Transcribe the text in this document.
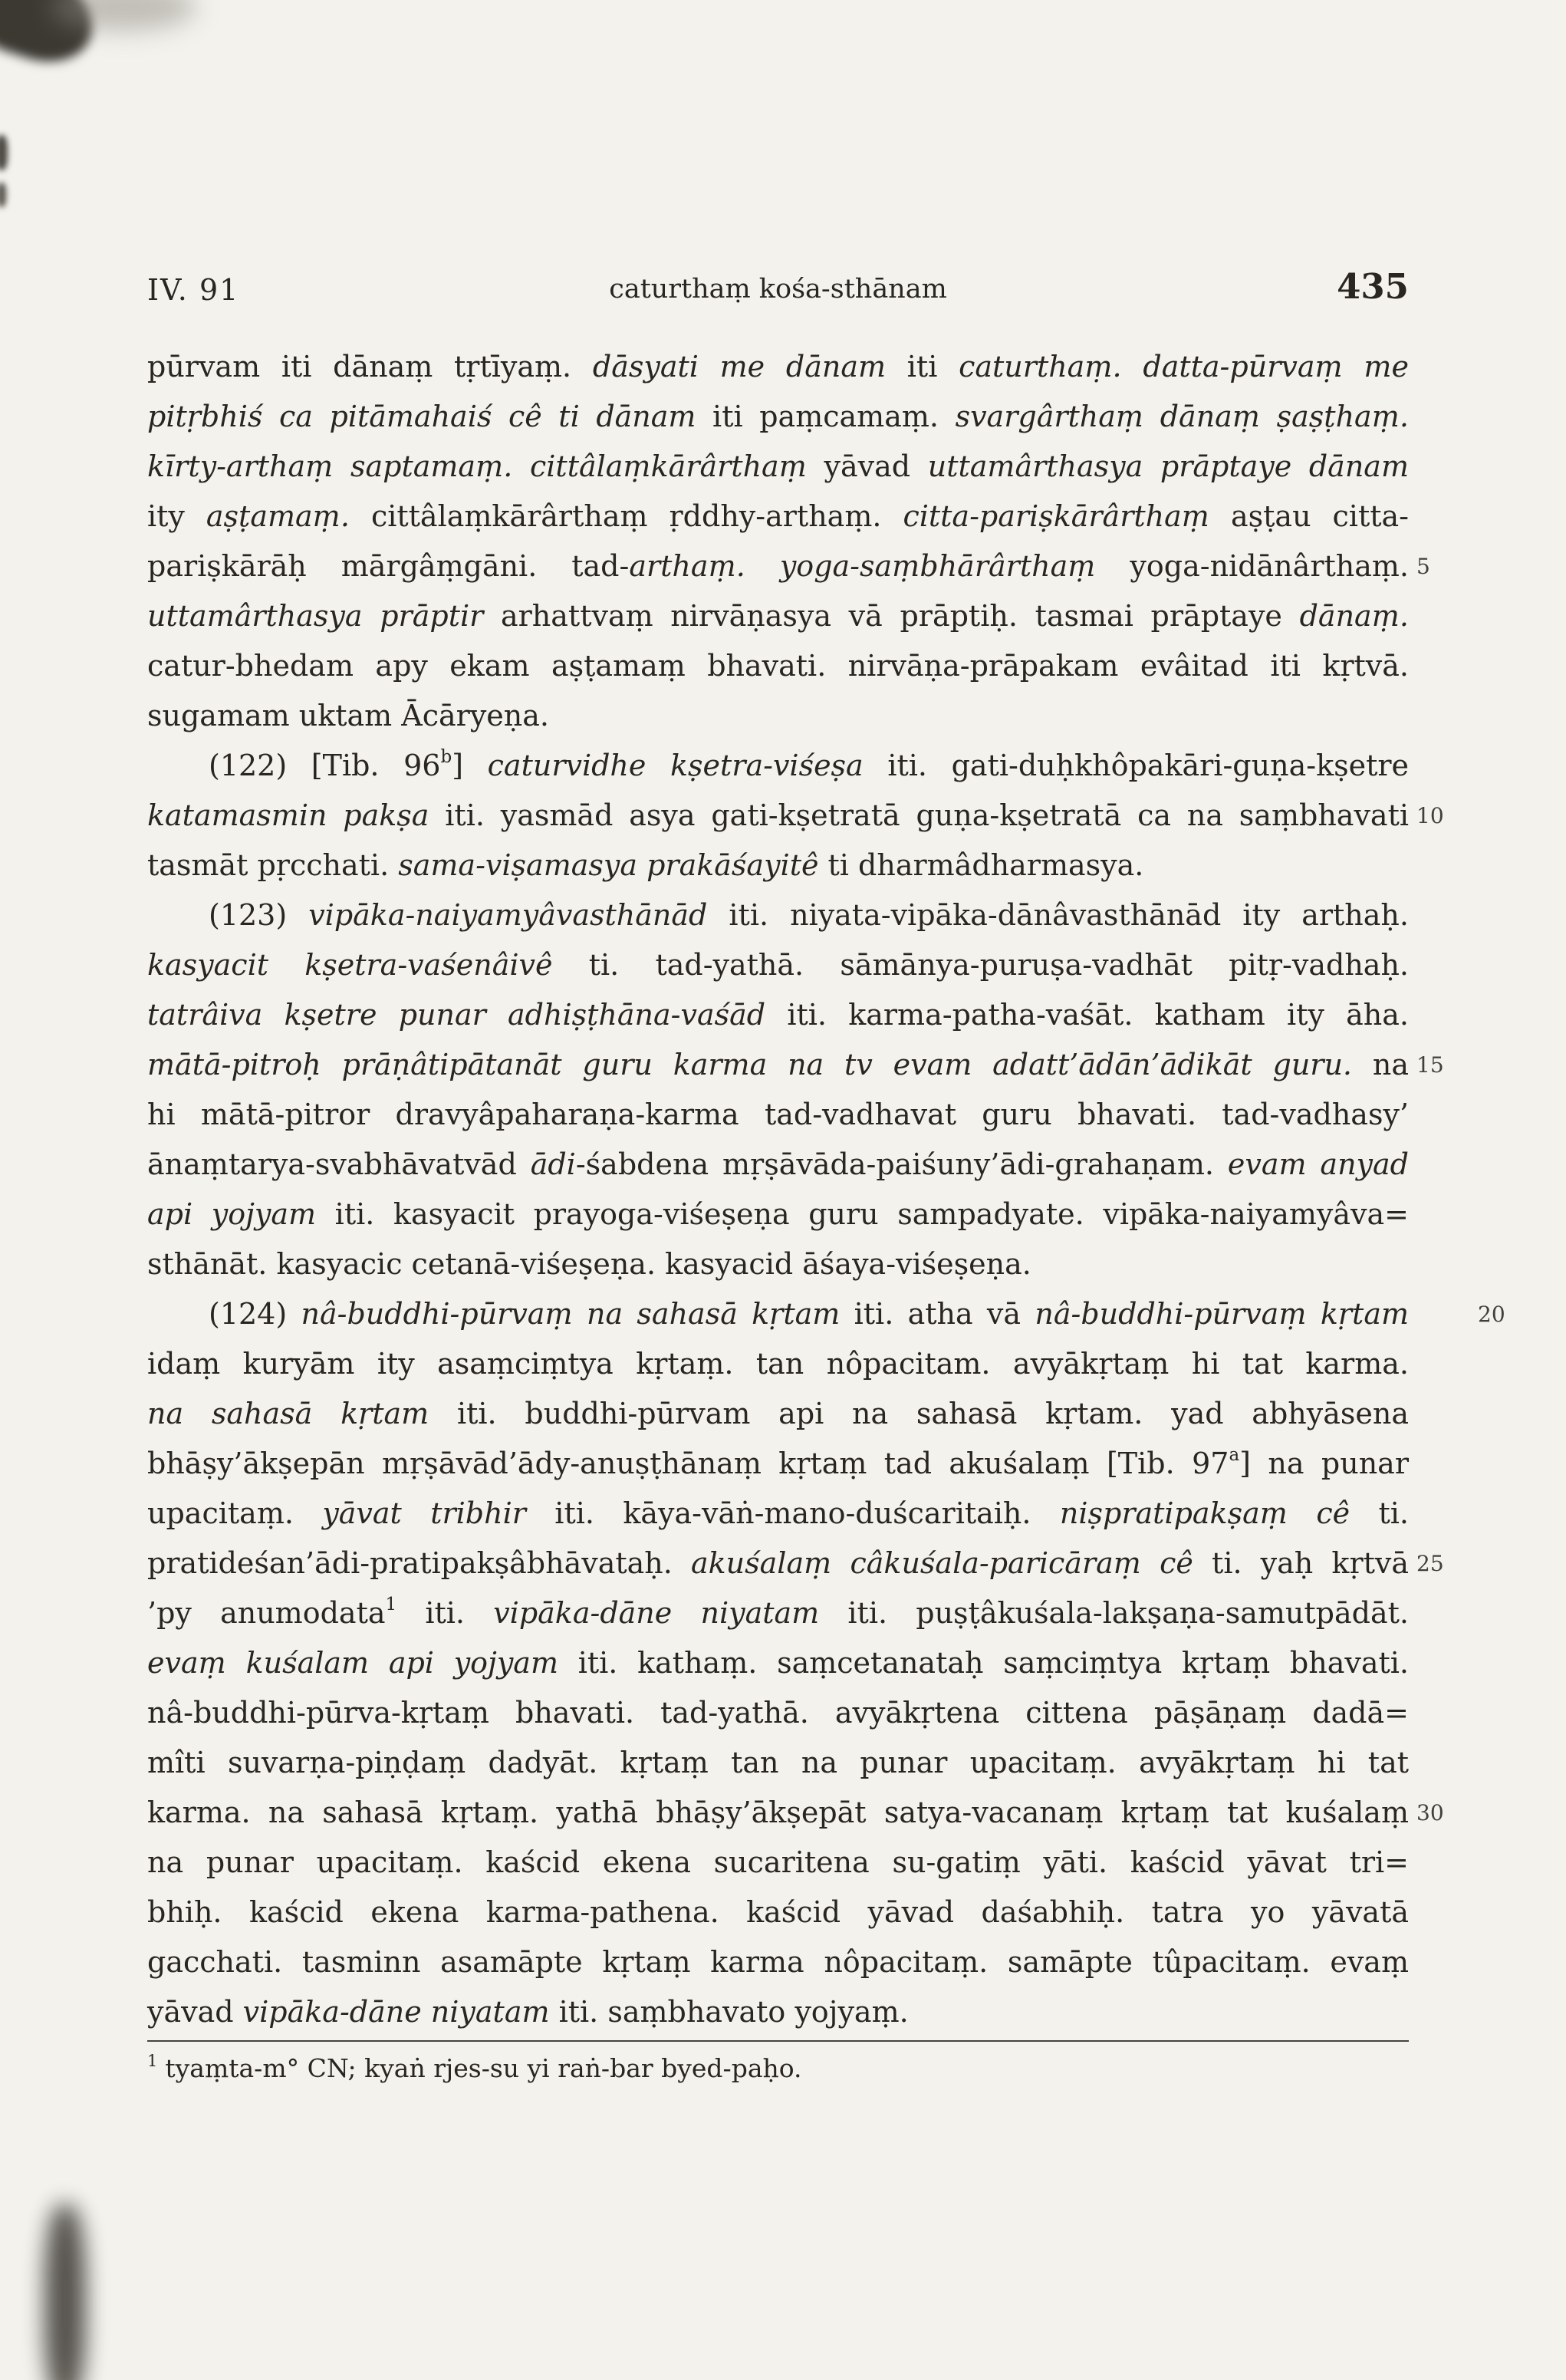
IV. 91	caturthaṃ kośa-sthānam	435
pūrvam iti dānaṃ tṛtīyaṃ. dāsyati me dānam iti caturthaṃ. datta-pūrvaṃ me
pitṛbhiś ca pitāmahaiś cê ti dānam iti paṃcamaṃ. svargârthaṃ dānaṃ ṣaṣṭhaṃ.
kīrty-arthaṃ saptamaṃ. cittâlaṃkārârthaṃ yāvad uttamârthasya prāptaye dānam
ity aṣṭamaṃ. cittâlaṃkārârthaṃ ṛddhy-arthaṃ. citta-pariṣkārârthaṃ aṣṭau citta-
pariṣkārāḥ mārgâṃgāni. tad-arthaṃ. yoga-saṃbhārârthaṃ yoga-nidānârthaṃ. 5
uttamârthasya prāptir arhattvaṃ nirvāṇasya vā prāptiḥ. tasmai prāptaye dānaṃ.
catur-bhedam apy ekam aṣṭamaṃ bhavati. nirvāṇa-prāpakam evâitad iti kṛtvā.
sugamam uktam Ācāryeṇa.
(122) [Tib. 96$^b$] caturvidhe kṣetra-viśeṣa iti. gati-duḥkhôpakāri-guṇa-kṣetre
katamasmin pakṣa iti. yasmād asya gati-kṣetratā guṇa-kṣetratā ca na saṃbhavati 10
tasmāt pṛcchati. sama-viṣamasya prakāśayitê ti dharmâdharmasya.
(123) vipāka-naiyamyâvasthānād iti. niyata-vipāka-dānâvasthānād ity arthaḥ.
kasyacit kṣetra-vaśenâivê ti. tad-yathā. sāmānya-puruṣa-vadhāt pitṛ-vadhaḥ.
tatrâiva kṣetre punar adhiṣṭhāna-vaśād iti. karma-patha-vaśāt. katham ity āha.
mātā-pitroḥ prāṇâtipātanāt guru karma na tv evam adatt’ādān’ādikāt guru. na 15
hi mātā-pitror dravyâpaharaṇa-karma tad-vadhavat guru bhavati. tad-vadhasy’
ānaṃtarya-svabhāvatvād ādi-śabdena mṛṣāvāda-paiśuny’ādi-grahaṇam. evam anyad
api yojyam iti. kasyacit prayoga-viśeṣeṇa guru sampadyate. vipāka-naiyamyâva=
sthānāt. kasyacic cetanā-viśeṣeṇa. kasyacid āśaya-viśeṣeṇa.
(124) nâ-buddhi-pūrvaṃ na sahasā kṛtam iti. atha vā nâ-buddhi-pūrvaṃ kṛtam	20
idaṃ kuryām ity asaṃciṃtya kṛtaṃ. tan nôpacitam. avyākṛtaṃ hi tat karma.
na sahasā kṛtam iti. buddhi-pūrvam api na sahasā kṛtam. yad abhyāsena
bhāṣy’ākṣepān mṛṣāvād’ādy-anuṣṭhānaṃ kṛtaṃ tad akuśalaṃ [Tib. 97$^a$] na punar
upacitaṃ. yāvat tribhir iti. kāya-vāṅ-mano-duścaritaiḥ. niṣpratipakṣaṃ cê ti.
pratideśan’ādi-pratipakṣâbhāvataḥ. akuśalaṃ câkuśala-paricāraṃ cê ti. yaḥ kṛtvā 25
’py anumodata$^1$ iti. vipāka-dāne niyatam iti. puṣṭâkuśala-lakṣaṇa-samutpādāt.
evaṃ kuśalam api yojyam iti. kathaṃ. saṃcetanataḥ saṃciṃtya kṛtaṃ bhavati.
nâ-buddhi-pūrva-kṛtaṃ bhavati. tad-yathā. avyākṛtena cittena pāṣāṇaṃ dadā=
mîti suvarṇa-piṇḍaṃ dadyāt. kṛtaṃ tan na punar upacitaṃ. avyākṛtaṃ hi tat
karma. na sahasā kṛtaṃ. yathā bhāṣy’ākṣepāt satya-vacanaṃ kṛtaṃ tat kuśalaṃ 30
na punar upacitaṃ. kaścid ekena sucaritena su-gatiṃ yāti. kaścid yāvat tri=
bhiḥ. kaścid ekena karma-pathena. kaścid yāvad daśabhiḥ. tatra yo yāvatā
gacchati. tasminn asamāpte kṛtaṃ karma nôpacitaṃ. samāpte tûpacitaṃ. evaṃ
yāvad vipāka-dāne niyatam iti. saṃbhavato yojyaṃ.
$^1$ tyaṃta-m° CN; kyaṅ rjes-su yi raṅ-bar byed-paḥo.
